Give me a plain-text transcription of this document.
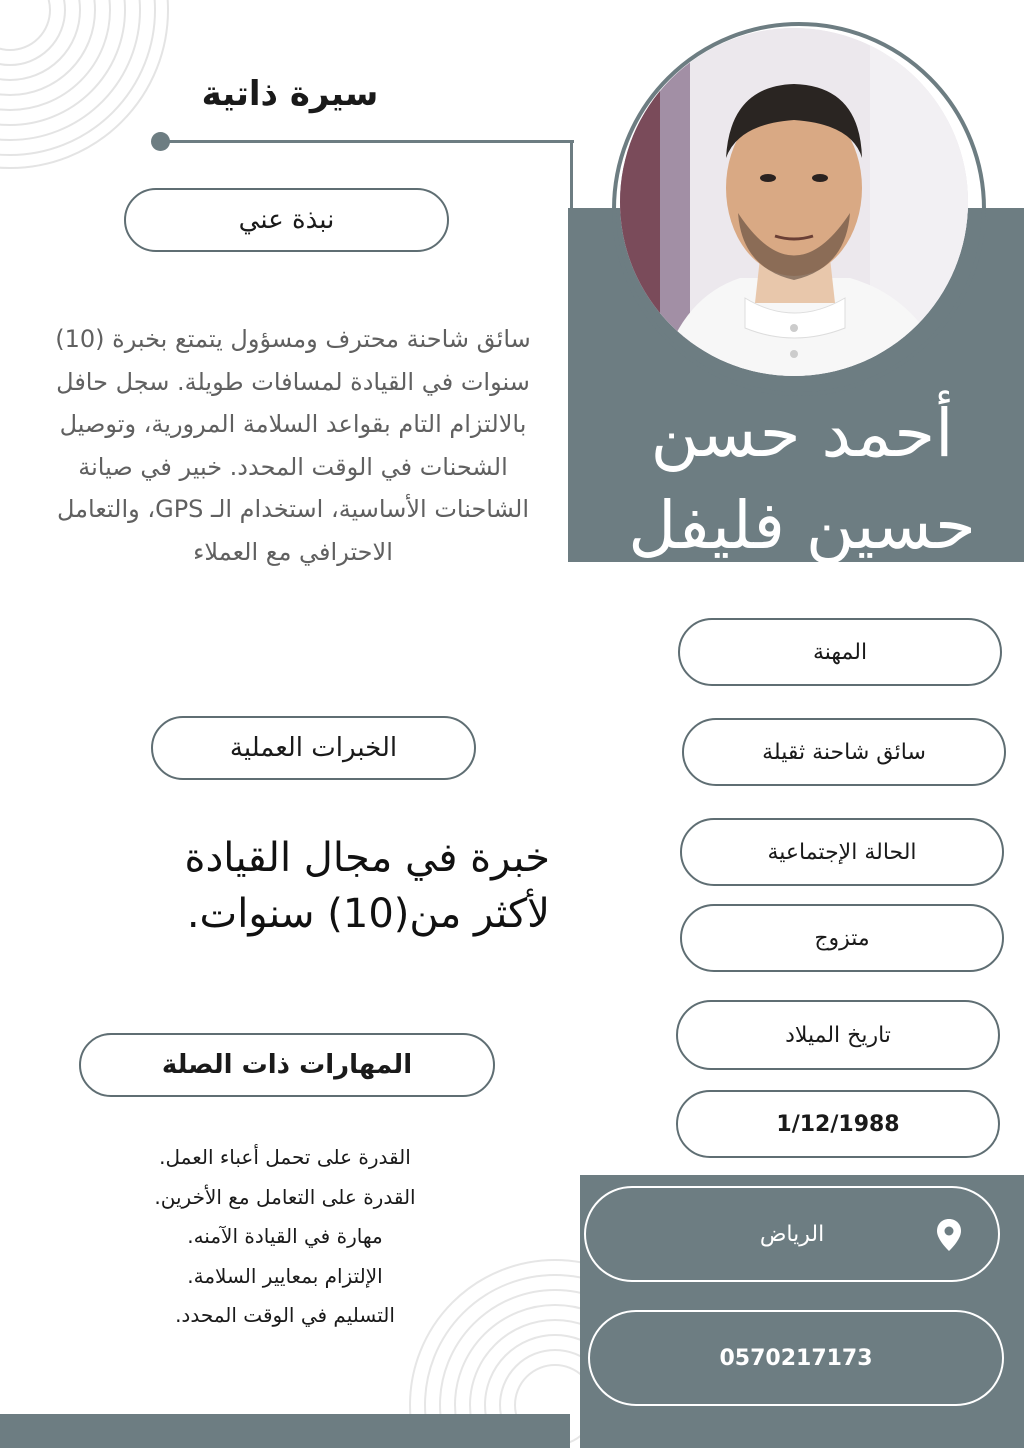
سيرة ذاتية
أحمد حسن
حسين فليفل
نبذة عني
سائق شاحنة محترف ومسؤول يتمتع بخبرة (10) سنوات في القيادة لمسافات طويلة. سجل حافل بالالتزام التام بقواعد السلامة المرورية، وتوصيل الشحنات في الوقت المحدد. خبير في صيانة الشاحنات الأساسية، استخدام الـ GPS، والتعامل الاحترافي مع العملاء
الخبرات العملية
خبرة في مجال القيادة
لأكثر من(10) سنوات.
المهارات ذات الصلة
القدرة على تحمل أعباء العمل.
القدرة على التعامل مع الأخرين.
مهارة في القيادة الآمنه.
الإلتزام بمعايير السلامة.
التسليم في الوقت المحدد.
المهنة
سائق شاحنة ثقيلة
الحالة الإجتماعية
متزوج
تاريخ الميلاد
1/12/1988
الرياض
0570217173
